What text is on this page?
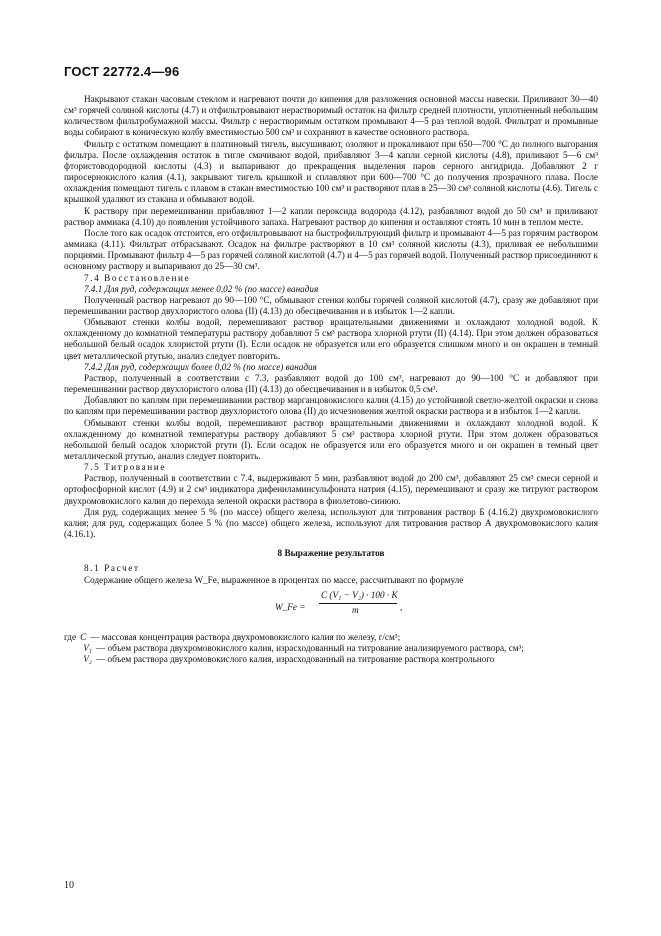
ГОСТ 22772.4—96

Накрывают стакан часовым стеклом и нагревают почти до кипения для разложения основной массы навески. Приливают 30—40 см³ горячей соляной кислоты (4.7) и отфильтровывают нерастворимый остаток на фильтр средней плотности, уплотненный небольшим количеством фильтробумажной массы. Фильтр с нерастворимым остатком промывают 4—5 раз теплой водой. Фильтрат и промывные воды собирают в коническую колбу вместимостью 500 см³ и сохраняют в качестве основного раствора.

Фильтр с остатком помещают в платиновый тигель, высушивают, озоляют и прокаливают при 650—700 °С до полного выгорания фильтра. После охлаждения остаток в тигле смачивают водой, прибавляют 3—4 капли серной кислоты (4.8), приливают 5—6 см³ фтористоводородной кислоты (4.3) и выпаривают до прекращения выделения паров серного ангидрида. Добавляют 2 г пиросернокислого калия (4.1), закрывают тигель крышкой и сплавляют при 600—700 °С до получения прозрачного плава. После охлаждения помещают тигель с плавом в стакан вместимостью 100 см³ и растворяют плав в 25—30 см³ соляной кислоты (4.6). Тигель с крышкой удаляют из стакана и обмывают водой.

К раствору при перемешивании прибавляют 1—2 капли пероксида водорода (4.12), разбавляют водой до 50 см³ и приливают раствор аммиака (4.10) до появления устойчивого запаха. Нагревают раствор до кипения и оставляют стоять 10 мин в теплом месте.

После того как осадок отстоится, его отфильтровывают на быстрофильтрующий фильтр и промывают 4—5 раз горячим раствором аммиака (4.11). Фильтрат отбрасывают. Осадок на фильтре растворяют в 10 см³ соляной кислоты (4.3), приливая ее небольшими порциями. Промывают фильтр 4—5 раз горячей соляной кислотой (4.7) и 4—5 раз горячей водой. Полученный раствор присоединяют к основному раствору и выпаривают до 25—30 см³.

7.4 Восстановление
7.4.1 Для руд, содержащих менее 0,02 % (по массе) ванадия

Полученный раствор нагревают до 90—100 °С, обмывают стенки колбы горячей соляной кислотой (4.7), сразу же добавляют при перемешивании раствор двухлористого олова (II) (4.13) до обесцвечивания и в избыток 1—2 капли.

Обмывают стенки колбы водой, перемешивают раствор вращательными движениями и охлаждают холодной водой. К охлажденному до комнатной температуры раствору добавляют 5 см³ раствора хлорной ртути (II) (4.14). При этом должен образоваться небольшой белый осадок хлористой ртути (I). Если осадок не образуется или его образуется слишком много и он окрашен в темный цвет металлической ртутью, анализ следует повторить.

7.4.2 Для руд, содержащих более 0,02 % (по массе) ванадия

Раствор, полученный в соответствии с 7.3, разбавляют водой до 100 см³, нагревают до 90—100 °С и добавляют при перемешивании раствор двухлористого олова (II) (4.13) до обесцвечивания и в избыток 0,5 см³.

Добавляют по каплям при перемешивании раствор марганцовокислого калия (4.15) до устойчивой светло-желтой окраски и снова по каплям при перемешивании раствор двухлористого олова (II) до исчезновения желтой окраски раствора и в избыток 1—2 капли.

Обмывают стенки колбы водой, перемешивают раствор вращательными движениями и охлаждают холодной водой. К охлажденному до комнатной температуры раствору добавляют 5 см³ раствора хлорной ртути. При этом должен образоваться небольшой белый осадок хлористой ртути (I). Если осадок не образуется или его образуется много и он окрашен в темный цвет металлической ртутью, анализ следует повторить.

7.5 Титрование

Раствор, полученный в соответствии с 7.4, выдерживают 5 мин, разбавляют водой до 200 см³, добавляют 25 см³ смеси серной и ортофосфорной кислот (4.9) и 2 см³ индикатора дифениламинсульфоната натрия (4.15), перемешивают и сразу же титруют раствором двухромовокислого калия до перехода зеленой окраски раствора в фиолетово-синюю.

Для руд, содержащих менее 5 % (по массе) общего железа, используют для титрования раствор Б (4.16.2) двухромовокислого калия; для руд, содержащих более 5 % (по массе) общего железа, используют для титрования раствор А двухромовокислого калия (4.16.1).

8 Выражение результатов
8.1 Расчет

Содержание общего железа W_Fe, выраженное в процентах по массе, рассчитывают по формуле

W_Fe =
C (V₁ − V₂) · 100 · K
m	,
где C — массовая концентрация раствора двухромовокислого калия по железу, г/см³;
V₁ — объем раствора двухромовокислого калия, израсходованный на титрование анализируемого раствора, см³;
V₂ — объем раствора двухромовокислого калия, израсходованный на титрование раствора контрольного
10
